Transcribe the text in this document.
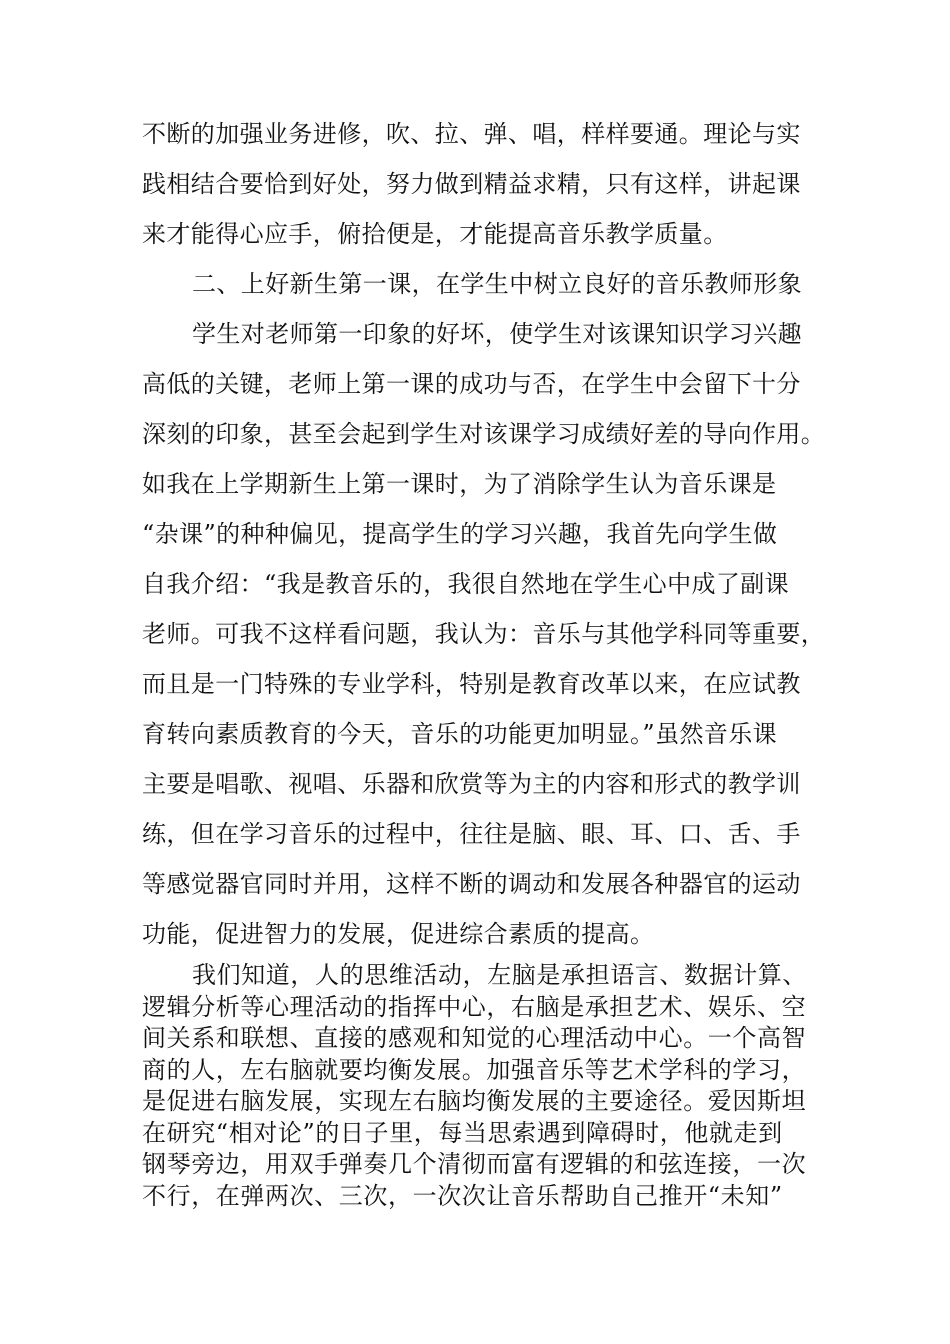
不断的加强业务进修，吹、拉、弹、唱，样样要通。理论与实
践相结合要恰到好处，努力做到精益求精，只有这样，讲起课
来才能得心应手，俯拾便是，才能提高音乐教学质量。
二、上好新生第一课，在学生中树立良好的音乐教师形象
学生对老师第一印象的好坏，使学生对该课知识学习兴趣
高低的关键，老师上第一课的成功与否，在学生中会留下十分
深刻的印象，甚至会起到学生对该课学习成绩好差的导向作用。
如我在上学期新生上第一课时，为了消除学生认为音乐课是
“杂课”的种种偏见，提高学生的学习兴趣，我首先向学生做
自我介绍：“我是教音乐的，我很自然地在学生心中成了副课
老师。可我不这样看问题，我认为：音乐与其他学科同等重要，
而且是一门特殊的专业学科，特别是教育改革以来，在应试教
育转向素质教育的今天，音乐的功能更加明显。”虽然音乐课
主要是唱歌、视唱、乐器和欣赏等为主的内容和形式的教学训
练，但在学习音乐的过程中，往往是脑、眼、耳、口、舌、手
等感觉器官同时并用，这样不断的调动和发展各种器官的运动
功能，促进智力的发展，促进综合素质的提高。
我们知道，人的思维活动，左脑是承担语言、数据计算、
逻辑分析等心理活动的指挥中心，右脑是承担艺术、娱乐、空
间关系和联想、直接的感观和知觉的心理活动中心。一个高智
商的人，左右脑就要均衡发展。加强音乐等艺术学科的学习，
是促进右脑发展，实现左右脑均衡发展的主要途径。爱因斯坦
在研究“相对论”的日子里，每当思索遇到障碍时，他就走到
钢琴旁边，用双手弹奏几个清彻而富有逻辑的和弦连接，一次
不行，在弹两次、三次，一次次让音乐帮助自己推开“未知”
